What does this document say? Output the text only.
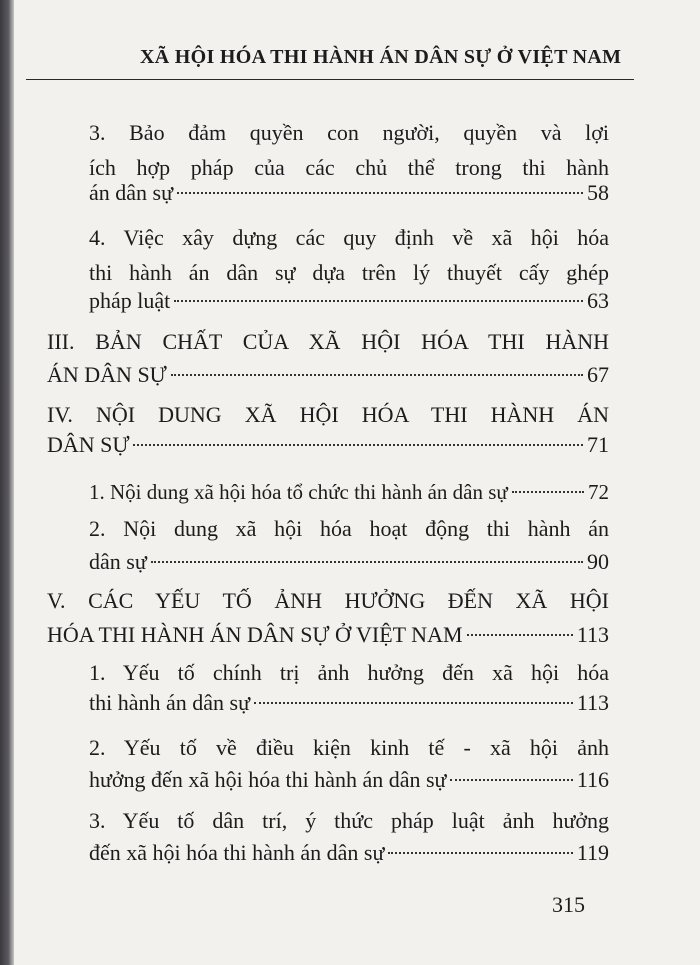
XÃ HỘI HÓA THI HÀNH ÁN DÂN SỰ Ở VIỆT NAM
3. Bảo đảm quyền con người, quyền và lợi
ích hợp pháp của các chủ thể trong thi hành
án dân sự	58
4. Việc xây dựng các quy định về xã hội hóa
thi hành án dân sự dựa trên lý thuyết cấy ghép
pháp luật	63
III. BẢN CHẤT CỦA XÃ HỘI HÓA THI HÀNH
ÁN DÂN SỰ	67
IV. NỘI DUNG XÃ HỘI HÓA THI HÀNH ÁN
DÂN SỰ	71
1. Nội dung xã hội hóa tổ chức thi hành án dân sự	72
2. Nội dung xã hội hóa hoạt động thi hành án
dân sự	90
V. CÁC YẾU TỐ ẢNH HƯỞNG ĐẾN XÃ HỘI
HÓA THI HÀNH ÁN DÂN SỰ Ở VIỆT NAM	113
1. Yếu tố chính trị ảnh hưởng đến xã hội hóa
thi hành án dân sự	113
2. Yếu tố về điều kiện kinh tế - xã hội ảnh
hưởng đến xã hội hóa thi hành án dân sự	116
3. Yếu tố dân trí, ý thức pháp luật ảnh hưởng
đến xã hội hóa thi hành án dân sự	119
315
